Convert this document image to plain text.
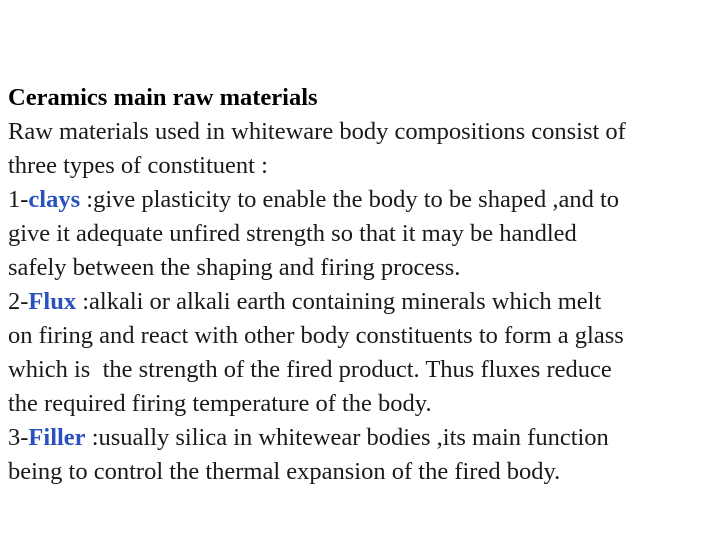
Ceramics main raw materials
Raw materials used in whiteware body compositions consist of
three types of constituent :
1-clays :give plasticity to enable the body to be shaped ,and to
give it adequate unfired strength so that it may be handled
safely between the shaping and firing process.
2-Flux :alkali or alkali earth containing minerals which melt
on firing and react with other body constituents to form a glass
which is  the strength of the fired product. Thus fluxes reduce
the required firing temperature of the body.
3-Filler :usually silica in whitewear bodies ,its main function
being to control the thermal expansion of the fired body.
